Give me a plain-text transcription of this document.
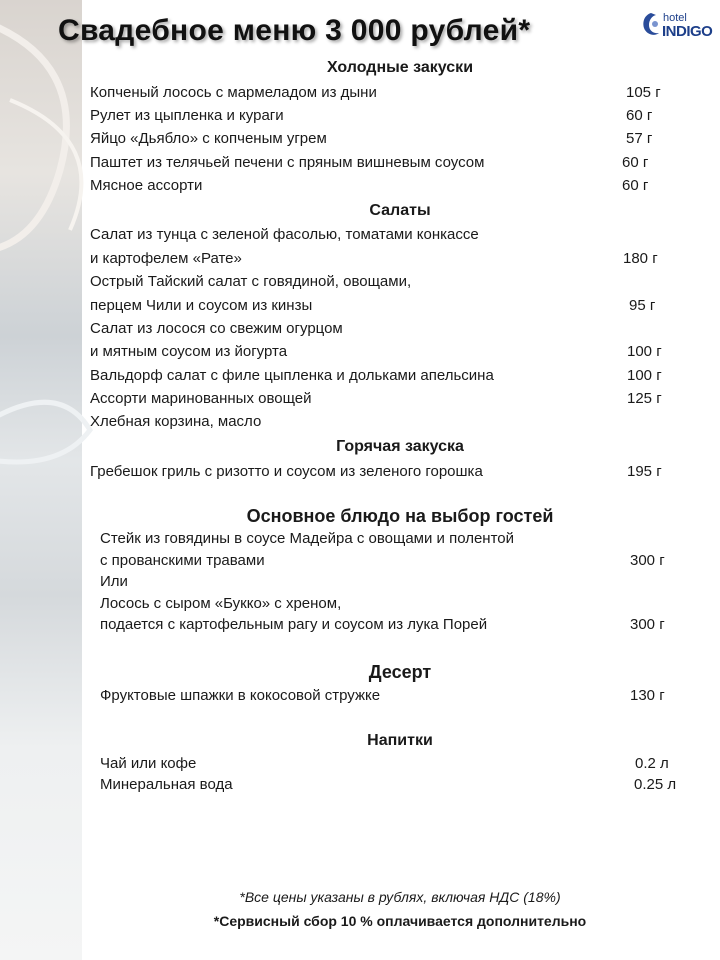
Свадебное меню 3 000 рублей*	hotel
INDIGO
Холодные закуски
Копченый лосось с мармеладом из дыни	105 г
Рулет из цыпленка и кураги	60 г
Яйцо «Дьябло» с копченым угрем	57 г
Паштет из телячьей печени с пряным вишневым соусом	60 г
Мясное ассорти	60 г
Салаты
Салат из тунца с зеленой фасолью, томатами конкассе
и картофелем «Рате»	180 г
Острый Тайский салат с говядиной, овощами,
перцем Чили и соусом из кинзы	95 г
Салат из лосося со свежим огурцом
и мятным соусом из йогурта	100 г
Вальдорф салат с филе цыпленка и дольками апельсина	100 г
Ассорти маринованных овощей	125 г
Хлебная корзина, масло
Горячая закуска
Гребешок гриль с ризотто и соусом из зеленого горошка	195 г
Основное блюдо на выбор гостей
Стейк из говядины в соусе Мадейра с овощами и полентой
с прованскими травами	300 г
Или
Лосось с сыром «Букко» с хреном,
подается с картофельным рагу и соусом из лука Порей	300 г
Десерт
Фруктовые шпажки в кокосовой стружке	130 г
Напитки
Чай или кофе	0.2 л
Минеральная вода	0.25 л
*Все цены указаны в рублях, включая НДС (18%)
*Сервисный сбор 10 % оплачивается дополнительно
